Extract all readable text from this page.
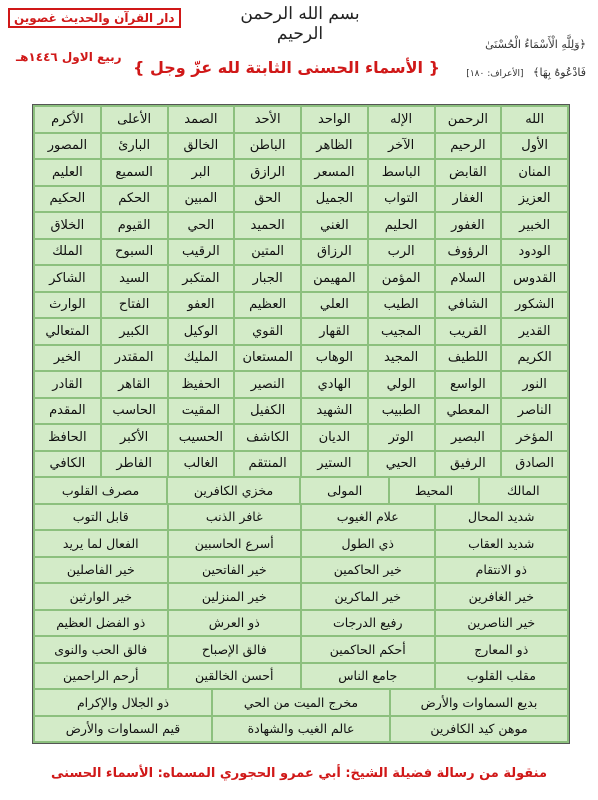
دار القرآن والحديث غصوين
ربيع الاول ١٤٤٦هـ
بسم الله الرحمن الرحيم
﴿وَلِلَّهِ الْأَسْمَاءُ الْحُسْنَىٰ
{ الأسماء الحسنى الثابتة لله عزّ وجل }	فَادْعُوهُ بِهَا﴾ [الأعراف: ١٨٠]
الله
الرحمن
الإله
الواحد
الأحد
الصمد
الأعلى
الأكرم
الأول
الرحيم
الآخر
الظاهر
الباطن
الخالق
البارئ
المصور
المنان
القابض
الباسط
المسعر
الرازق
البر
السميع
العليم
العزيز
الغفار
التواب
الجميل
الحق
المبين
الحكم
الحكيم
الخبير
الغفور
الحليم
الغني
الحميد
الحي
القيوم
الخلاق
الودود
الرؤوف
الرب
الرزاق
المتين
الرقيب
السبوح
الملك
القدوس
السلام
المؤمن
المهيمن
الجبار
المتكبر
السيد
الشاكر
الشكور
الشافي
الطيب
العلي
العظيم
العفو
الفتاح
الوارث
القدير
القريب
المجيب
القهار
القوي
الوكيل
الكبير
المتعالي
الكريم
اللطيف
المجيد
الوهاب
المستعان
المليك
المقتدر
الخير
النور
الواسع
الولي
الهادي
النصير
الحفيظ
القاهر
القادر
الناصر
المعطي
الطبيب
الشهيد
الكفيل
المقيت
الحاسب
المقدم
المؤخر
البصير
الوتر
الديان
الكاشف
الحسيب
الأكبر
الحافظ
الصادق
الرفيق
الحيي
الستير
المنتقم
الغالب
الفاطر
الكافي
المالك
المحيط
المولى
مخزي الكافرين
مصرف القلوب
شديد المحال
علام الغيوب
غافر الذنب
قابل التوب
شديد العقاب
ذي الطول
أسرع الحاسبين
الفعال لما يريد
ذو الانتقام
خير الحاكمين
خير الفاتحين
خير الفاصلين
خير الغافرين
خير الماكرين
خير المنزلين
خير الوارثين
خير الناصرين
رفيع الدرجات
ذو العرش
ذو الفضل العظيم
ذو المعارج
أحكم الحاكمين
فالق الإصباح
فالق الحب والنوى
مقلب القلوب
جامع الناس
أحسن الخالقين
أرحم الراحمين
بديع السماوات والأرض
مخرج الميت من الحي
ذو الجلال والإكرام
موهن كيد الكافرين
عالم الغيب والشهادة
قيم السماوات والأرض
منقولة من رسالة فضيلة الشيخ: أبي عمرو الحجوري المسماه: الأسماء الحسنى
